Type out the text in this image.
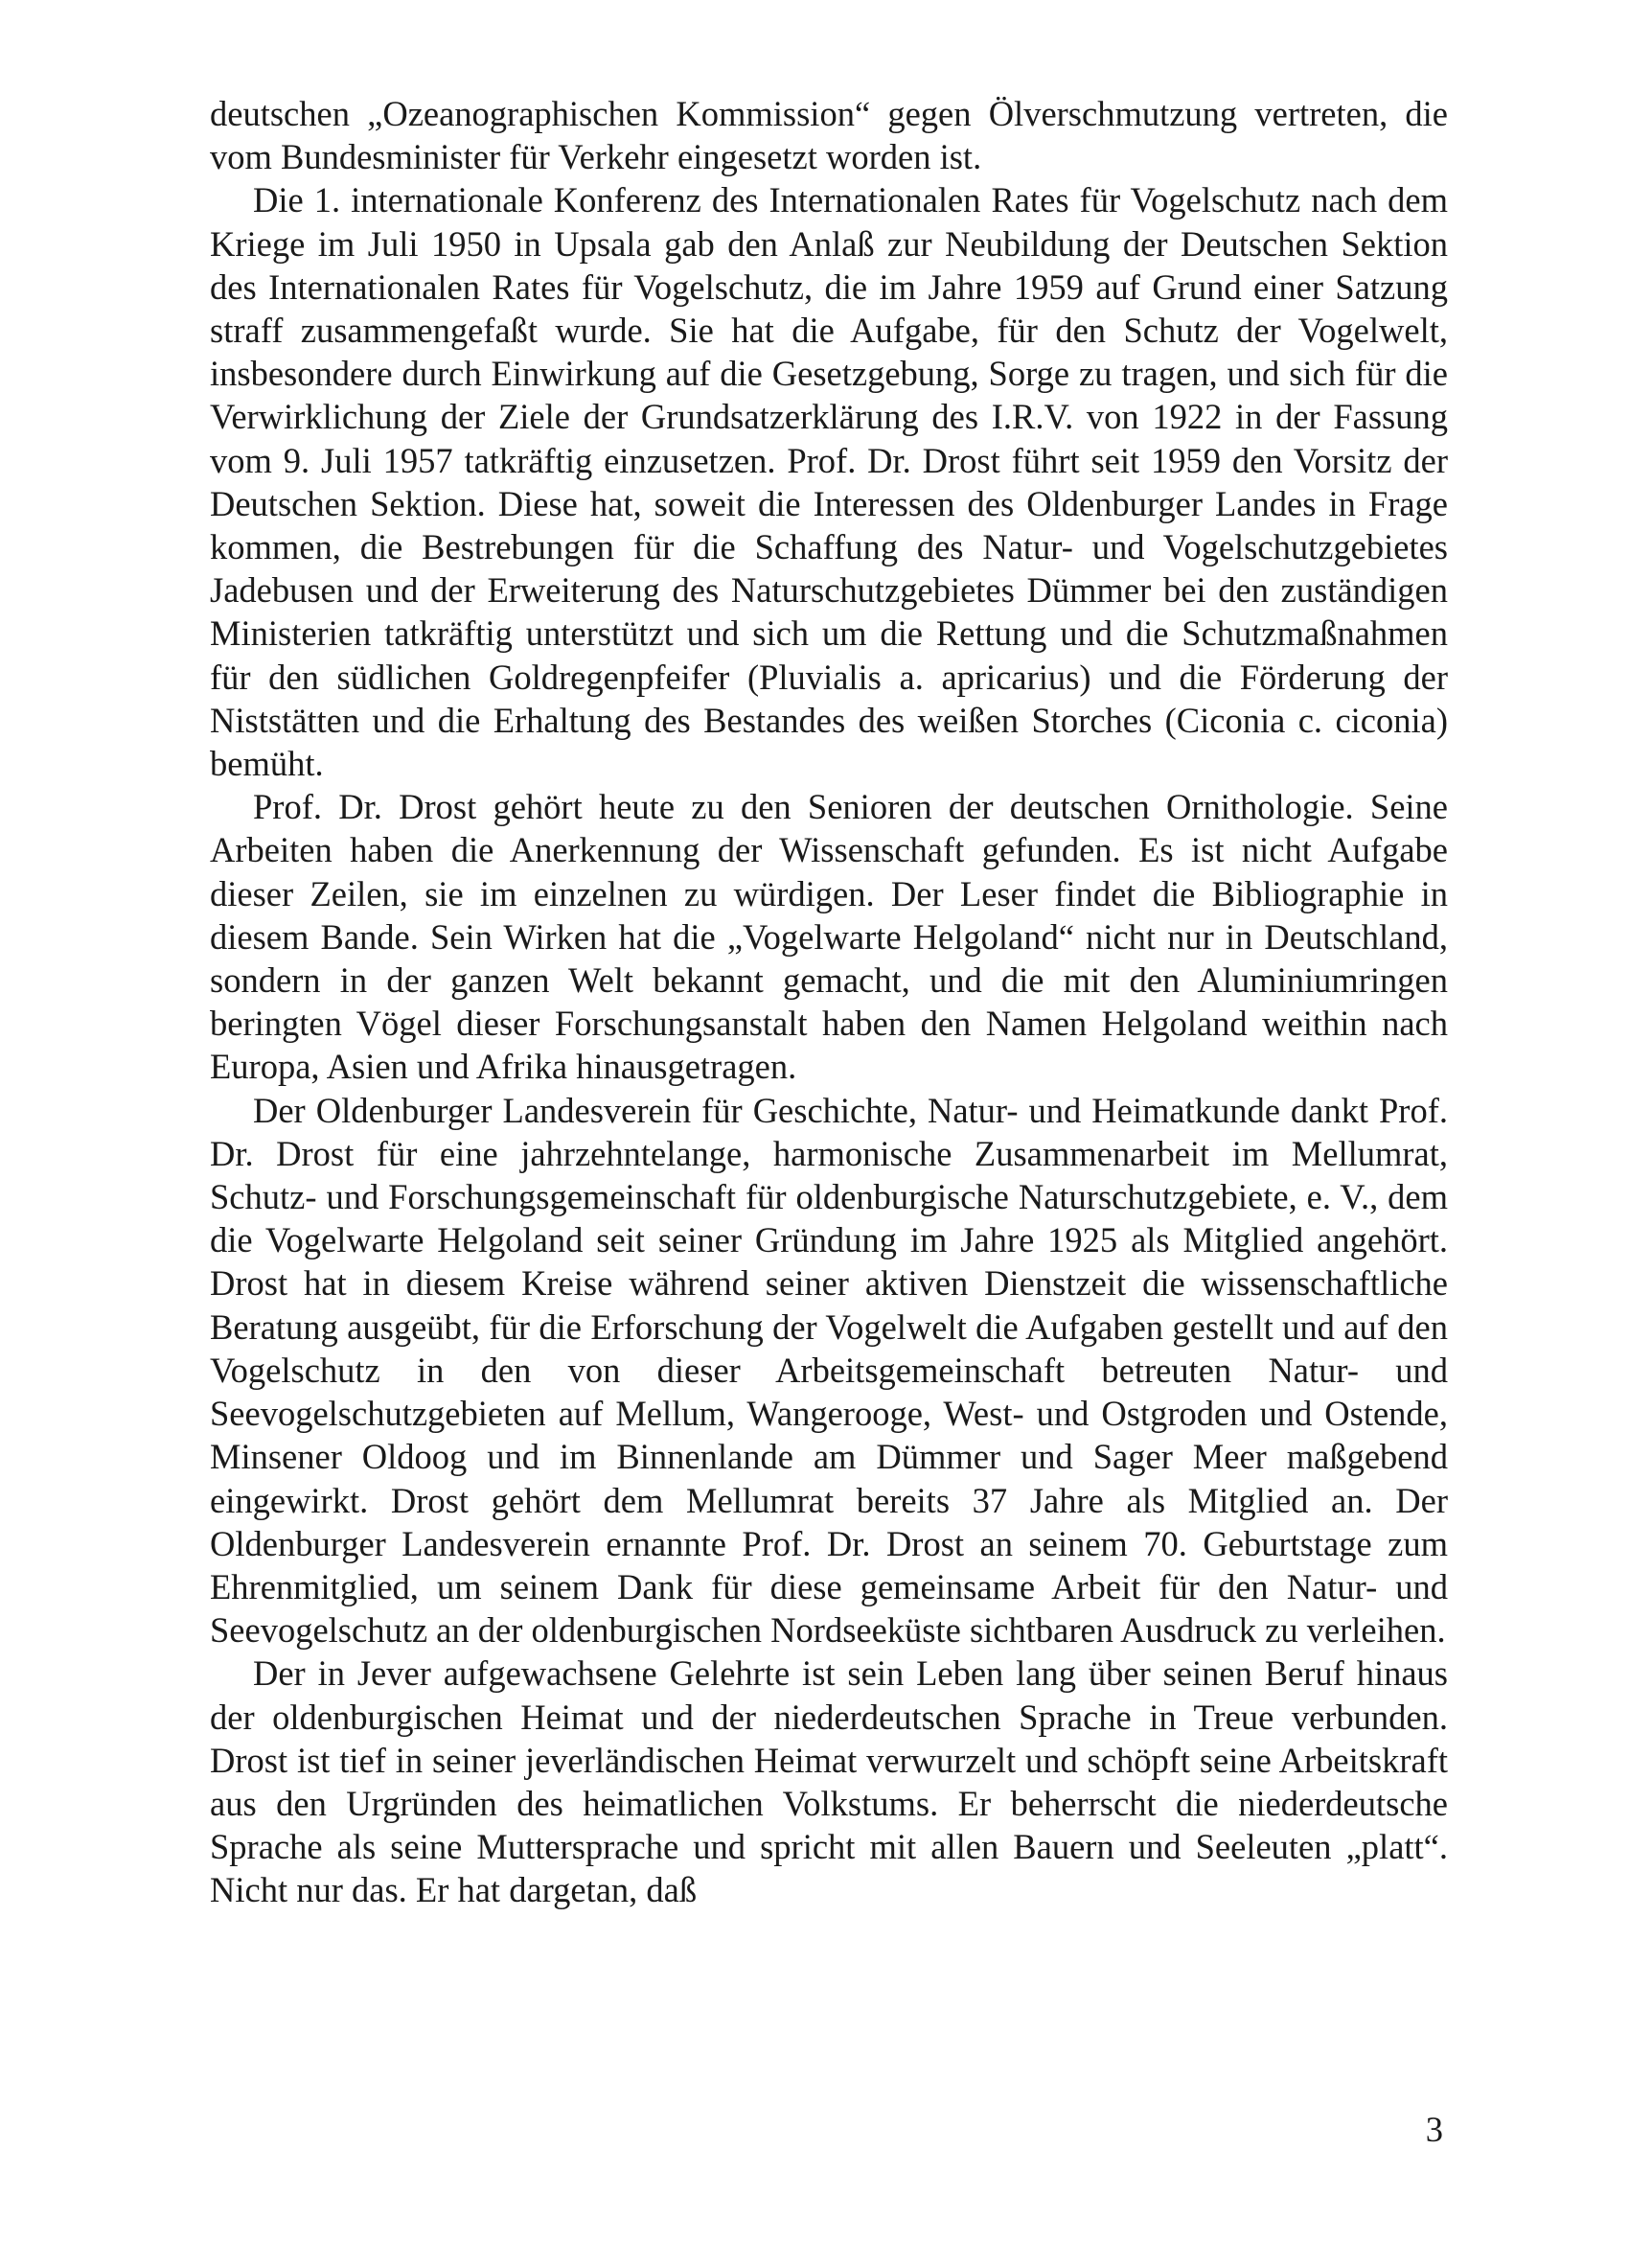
deutschen „Ozeanographischen Kommission“ gegen Ölverschmutzung vertreten, die vom Bundesminister für Verkehr eingesetzt worden ist.

Die 1. internationale Konferenz des Internationalen Rates für Vogelschutz nach dem Kriege im Juli 1950 in Upsala gab den Anlaß zur Neubildung der Deutschen Sektion des Internationalen Rates für Vogelschutz, die im Jahre 1959 auf Grund einer Satzung straff zusammengefaßt wurde. Sie hat die Aufgabe, für den Schutz der Vogelwelt, insbesondere durch Einwirkung auf die Gesetzgebung, Sorge zu tragen, und sich für die Verwirklichung der Ziele der Grundsatzerklärung des I.R.V. von 1922 in der Fassung vom 9. Juli 1957 tatkräftig einzusetzen. Prof. Dr. Drost führt seit 1959 den Vorsitz der Deutschen Sektion. Diese hat, soweit die Interessen des Oldenburger Landes in Frage kommen, die Bestrebungen für die Schaffung des Natur- und Vogelschutzgebietes Jadebusen und der Erweiterung des Naturschutzgebietes Dümmer bei den zuständigen Ministerien tatkräftig unterstützt und sich um die Rettung und die Schutzmaßnahmen für den südlichen Goldregenpfeifer (Pluvialis a. apricarius) und die Förderung der Niststätten und die Erhaltung des Bestandes des weißen Storches (Ciconia c. ciconia) bemüht.

Prof. Dr. Drost gehört heute zu den Senioren der deutschen Ornithologie. Seine Arbeiten haben die Anerkennung der Wissenschaft gefunden. Es ist nicht Aufgabe dieser Zeilen, sie im einzelnen zu würdigen. Der Leser findet die Bibliographie in diesem Bande. Sein Wirken hat die „Vogelwarte Helgoland“ nicht nur in Deutschland, sondern in der ganzen Welt bekannt gemacht, und die mit den Aluminiumringen beringten Vögel dieser Forschungsanstalt haben den Namen Helgoland weithin nach Europa, Asien und Afrika hinausgetragen.

Der Oldenburger Landesverein für Geschichte, Natur- und Heimatkunde dankt Prof. Dr. Drost für eine jahrzehntelange, harmonische Zusammenarbeit im Mellumrat, Schutz- und Forschungsgemeinschaft für oldenburgische Naturschutzgebiete, e. V., dem die Vogelwarte Helgoland seit seiner Gründung im Jahre 1925 als Mitglied angehört. Drost hat in diesem Kreise während seiner aktiven Dienstzeit die wissenschaftliche Beratung ausgeübt, für die Erforschung der Vogelwelt die Aufgaben gestellt und auf den Vogelschutz in den von dieser Arbeitsgemeinschaft betreuten Natur- und Seevogelschutzgebieten auf Mellum, Wangerooge, West- und Ostgroden und Ostende, Minsener Oldoog und im Binnenlande am Dümmer und Sager Meer maßgebend eingewirkt. Drost gehört dem Mellumrat bereits 37 Jahre als Mitglied an. Der Oldenburger Landesverein ernannte Prof. Dr. Drost an seinem 70. Geburtstage zum Ehrenmitglied, um seinem Dank für diese gemeinsame Arbeit für den Natur- und Seevogelschutz an der oldenburgischen Nordseeküste sichtbaren Ausdruck zu verleihen.

Der in Jever aufgewachsene Gelehrte ist sein Leben lang über seinen Beruf hinaus der oldenburgischen Heimat und der niederdeutschen Sprache in Treue verbunden. Drost ist tief in seiner jeverländischen Heimat verwurzelt und schöpft seine Arbeitskraft aus den Urgründen des heimatlichen Volkstums. Er beherrscht die niederdeutsche Sprache als seine Muttersprache und spricht mit allen Bauern und Seeleuten „platt“. Nicht nur das. Er hat dargetan, daß

3
